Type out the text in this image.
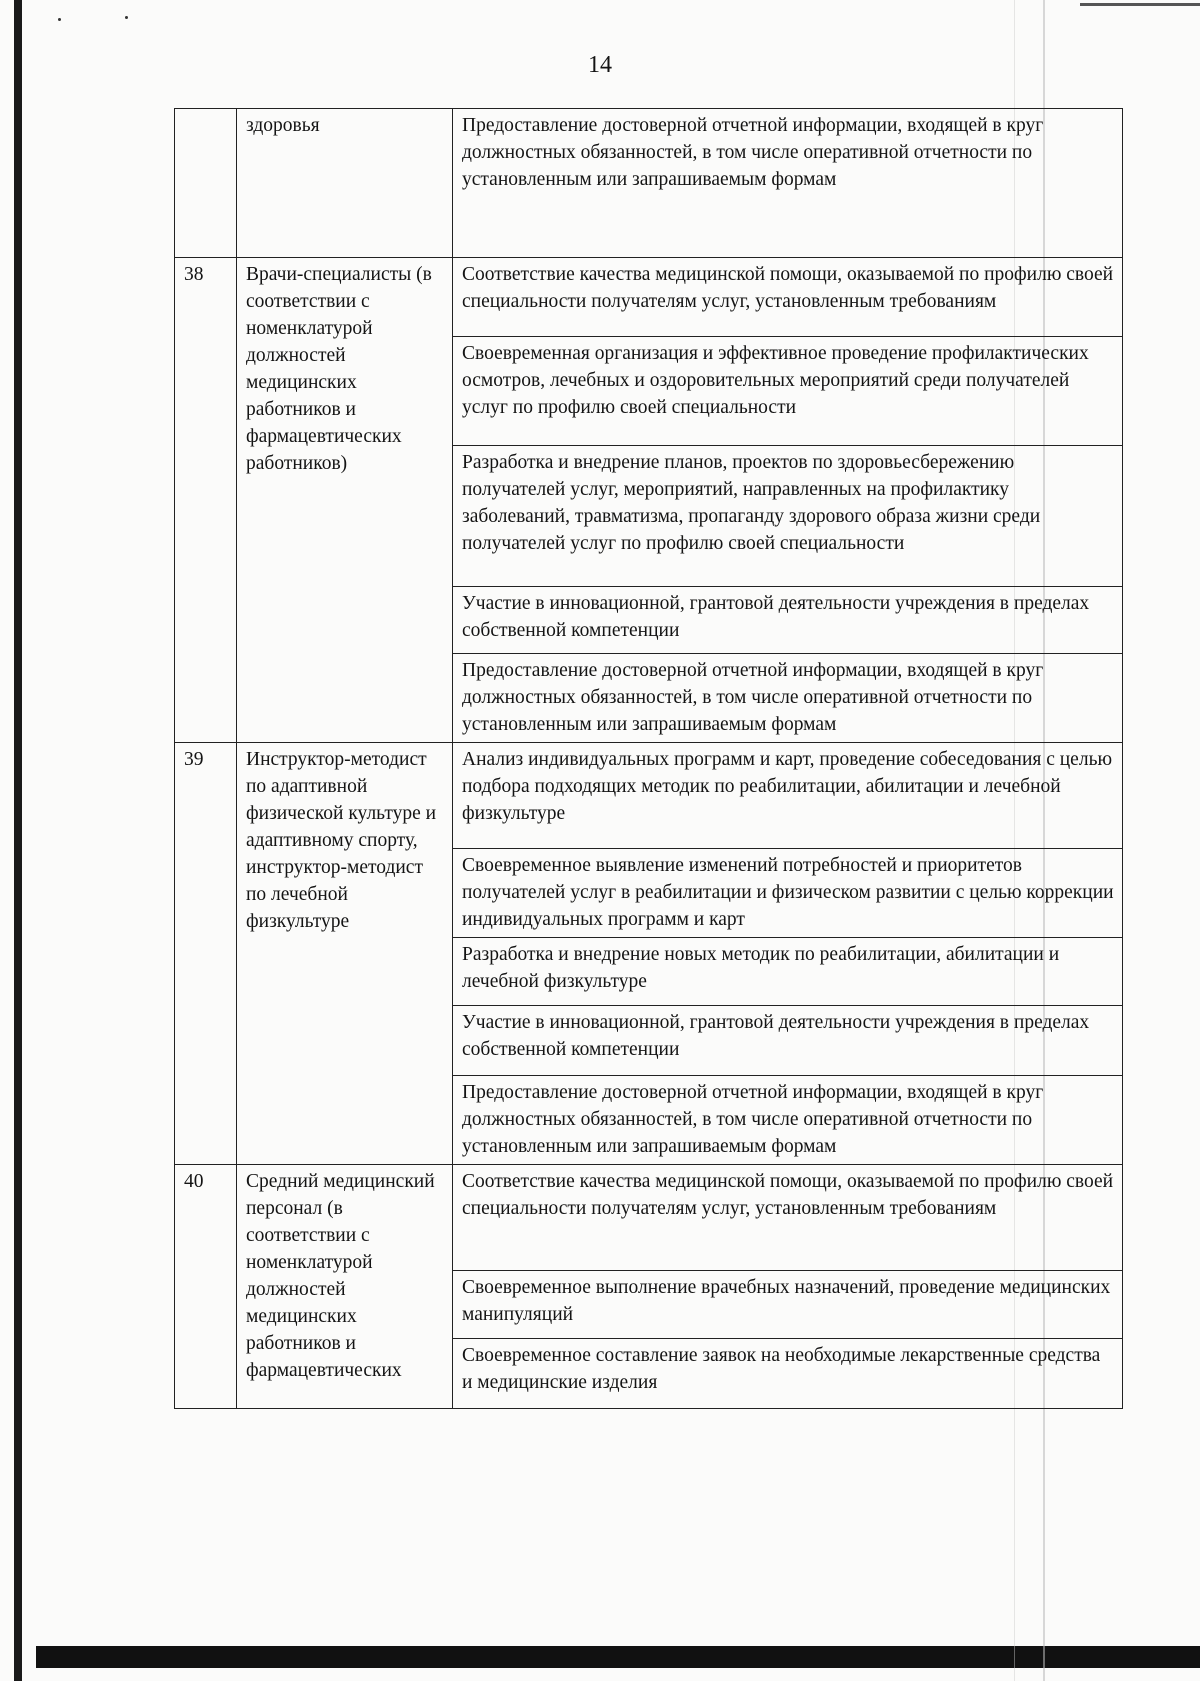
14

	здоровья	Предоставление достоверной отчетной информации, входящей в круг должностных обязанностей, в том числе оперативной отчетности по установленным или запрашиваемым формам

38	Врачи-специалисты (в соответствии с номенклатурой должностей медицинских работников и фармацевтических работников)	Соответствие качества медицинской помощи, оказываемой по профилю своей специальности получателям услуг, установленным требованиям

		Своевременная организация и эффективное проведение профилактических осмотров, лечебных и оздоровительных мероприятий среди получателей услуг по профилю своей специальности

		Разработка и внедрение планов, проектов по здоровьесбережению получателей услуг, мероприятий, направленных на профилактику заболеваний, травматизма, пропаганду здорового образа жизни среди получателей услуг по профилю своей специальности

		Участие в инновационной, грантовой деятельности учреждения в пределах собственной компетенции

		Предоставление достоверной отчетной информации, входящей в круг должностных обязанностей, в том числе оперативной отчетности по установленным или запрашиваемым формам

39	Инструктор-методист по адаптивной физической культуре и адаптивному спорту, инструктор-методист по лечебной физкультуре	Анализ индивидуальных программ и карт, проведение собеседования с целью подбора подходящих методик по реабилитации, абилитации и лечебной физкультуре

		Своевременное выявление изменений потребностей и приоритетов получателей услуг в реабилитации и физическом развитии с целью коррекции индивидуальных программ и карт

		Разработка и внедрение новых методик по реабилитации, абилитации и лечебной физкультуре

		Участие в инновационной, грантовой деятельности учреждения в пределах собственной компетенции

		Предоставление достоверной отчетной информации, входящей в круг должностных обязанностей, в том числе оперативной отчетности по установленным или запрашиваемым формам

40	Средний медицинский персонал (в соответствии с номенклатурой должностей медицинских работников и фармацевтических	Соответствие качества медицинской помощи, оказываемой по профилю своей специальности получателям услуг, установленным требованиям

		Своевременное выполнение врачебных назначений, проведение медицинских манипуляций

		Своевременное составление заявок на необходимые лекарственные средства и медицинские изделия
